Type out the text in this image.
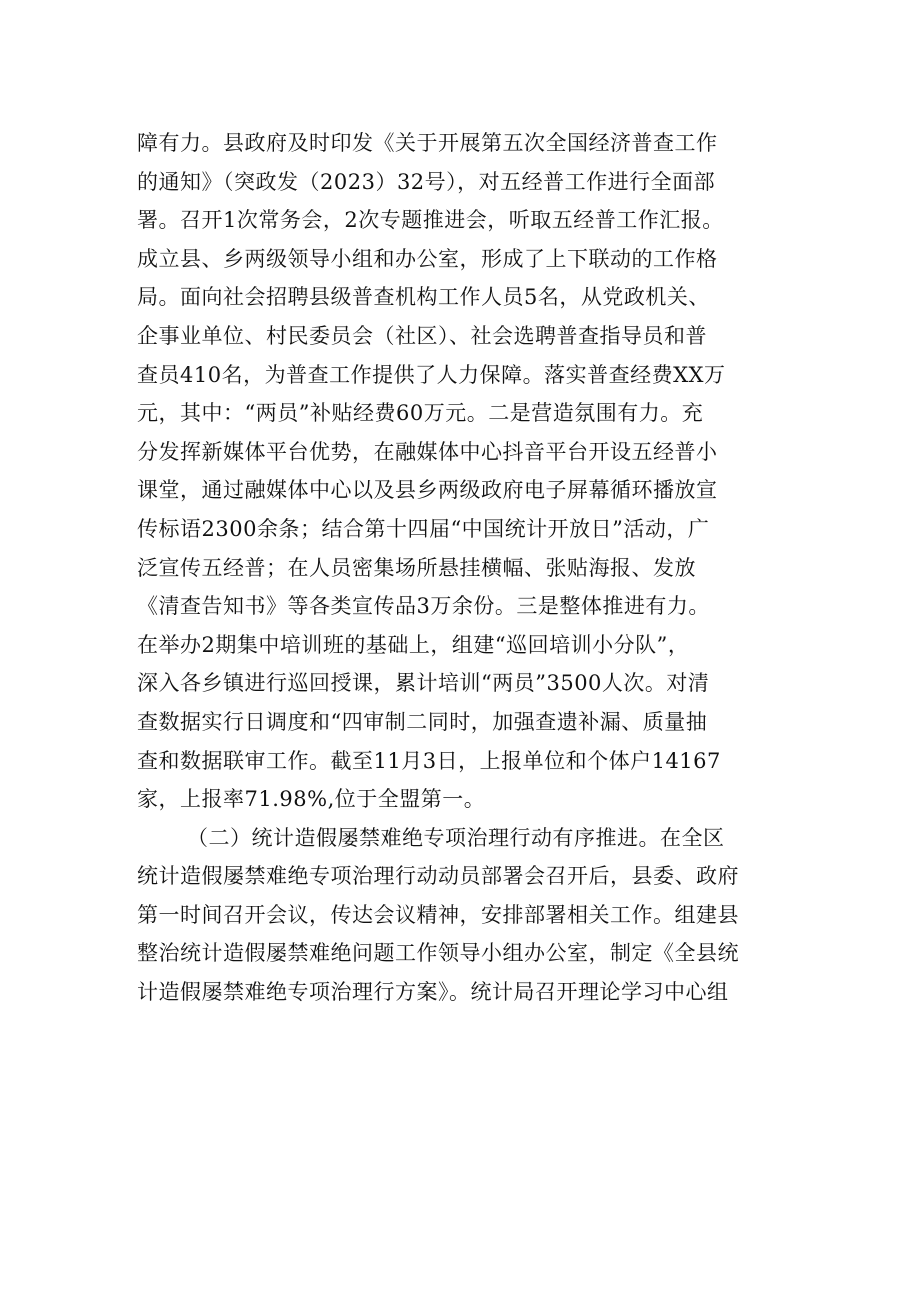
障有力。县政府及时印发《关于开展第五次全国经济普查工作
的通知》（突政发（2023）32号），对五经普工作进行全面部
署。召开1次常务会，2次专题推进会，听取五经普工作汇报。
成立县、乡两级领导小组和办公室，形成了上下联动的工作格
局。面向社会招聘县级普查机构工作人员5名，从党政机关、
企事业单位、村民委员会（社区）、社会选聘普查指导员和普
查员410名，为普查工作提供了人力保障。落实普查经费XX万
元，其中：“两员”补贴经费60万元。二是营造氛围有力。充
分发挥新媒体平台优势，在融媒体中心抖音平台开设五经普小
课堂，通过融媒体中心以及县乡两级政府电子屏幕循环播放宣
传标语2300余条；结合第十四届“中国统计开放日”活动，广
泛宣传五经普；在人员密集场所悬挂横幅、张贴海报、发放
《清查告知书》等各类宣传品3万余份。三是整体推进有力。
在举办2期集中培训班的基础上，组建“巡回培训小分队”，
深入各乡镇进行巡回授课，累计培训“两员”3500人次。对清
查数据实行日调度和“四审制二同时，加强查遗补漏、质量抽
查和数据联审工作。截至11月3日，上报单位和个体户14167
家，上报率71.98%,位于全盟第一。
（二）统计造假屡禁难绝专项治理行动有序推进。在全区
统计造假屡禁难绝专项治理行动动员部署会召开后，县委、政府
第一时间召开会议，传达会议精神，安排部署相关工作。组建县
整治统计造假屡禁难绝问题工作领导小组办公室，制定《全县统
计造假屡禁难绝专项治理行方案》。统计局召开理论学习中心组
